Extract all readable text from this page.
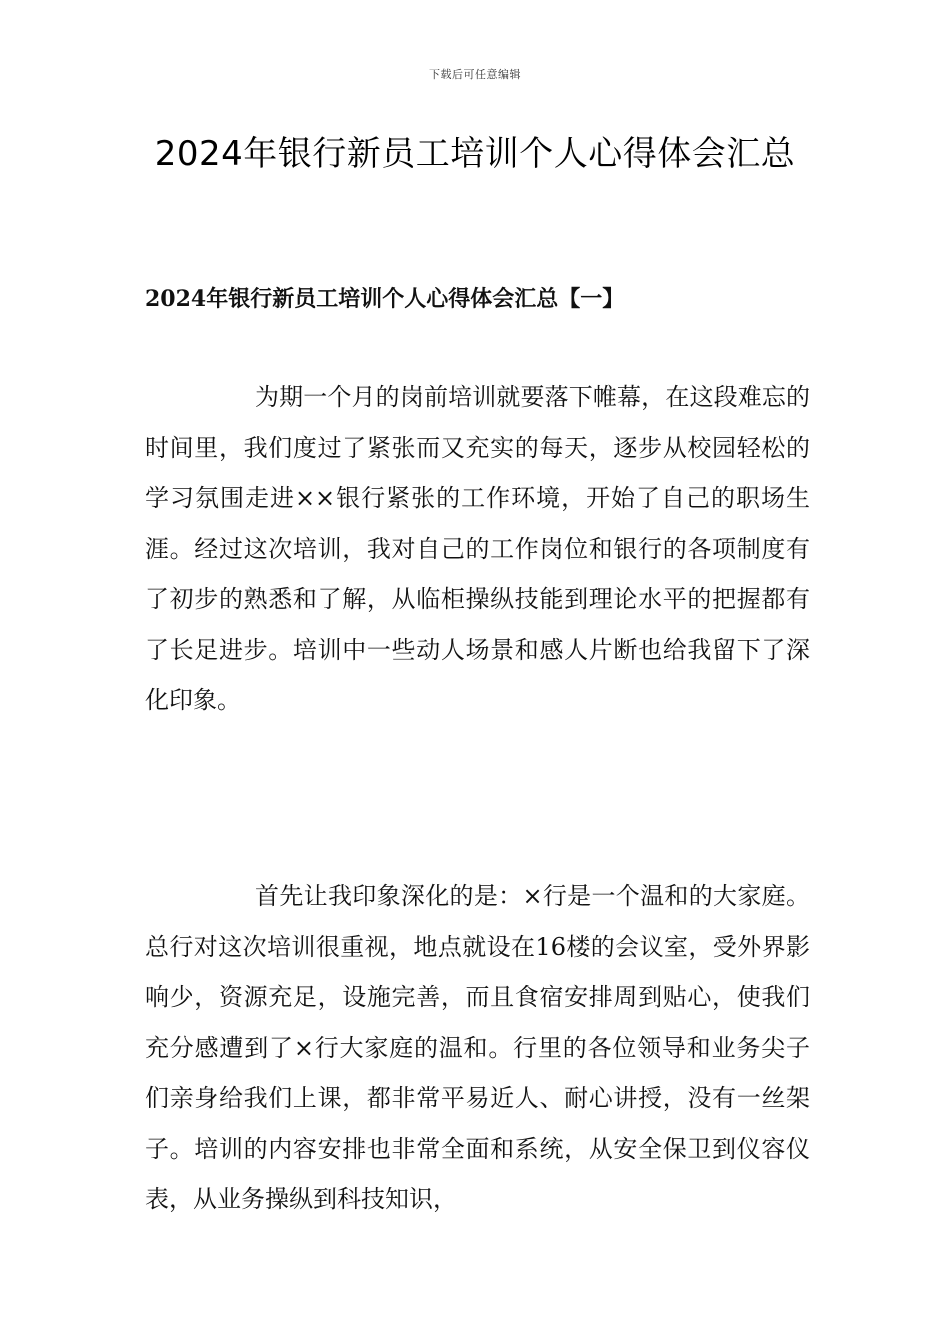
下载后可任意编辑
2024年银行新员工培训个人心得体会汇总
2024年银行新员工培训个人心得体会汇总【一】

为期一个月的岗前培训就要落下帷幕，在这段难忘的时间里，我们度过了紧张而又充实的每天，逐步从校园轻松的学习氛围走进××银行紧张的工作环境，开始了自己的职场生涯。经过这次培训，我对自己的工作岗位和银行的各项制度有了初步的熟悉和了解，从临柜操纵技能到理论水平的把握都有了长足进步。培训中一些动人场景和感人片断也给我留下了深化印象。

首先让我印象深化的是：×行是一个温和的大家庭。总行对这次培训很重视，地点就设在16楼的会议室，受外界影响少，资源充足，设施完善，而且食宿安排周到贴心，使我们充分感遭到了×行大家庭的温和。行里的各位领导和业务尖子们亲身给我们上课，都非常平易近人、耐心讲授，没有一丝架子。培训的内容安排也非常全面和系统，从安全保卫到仪容仪表，从业务操纵到科技知识，
